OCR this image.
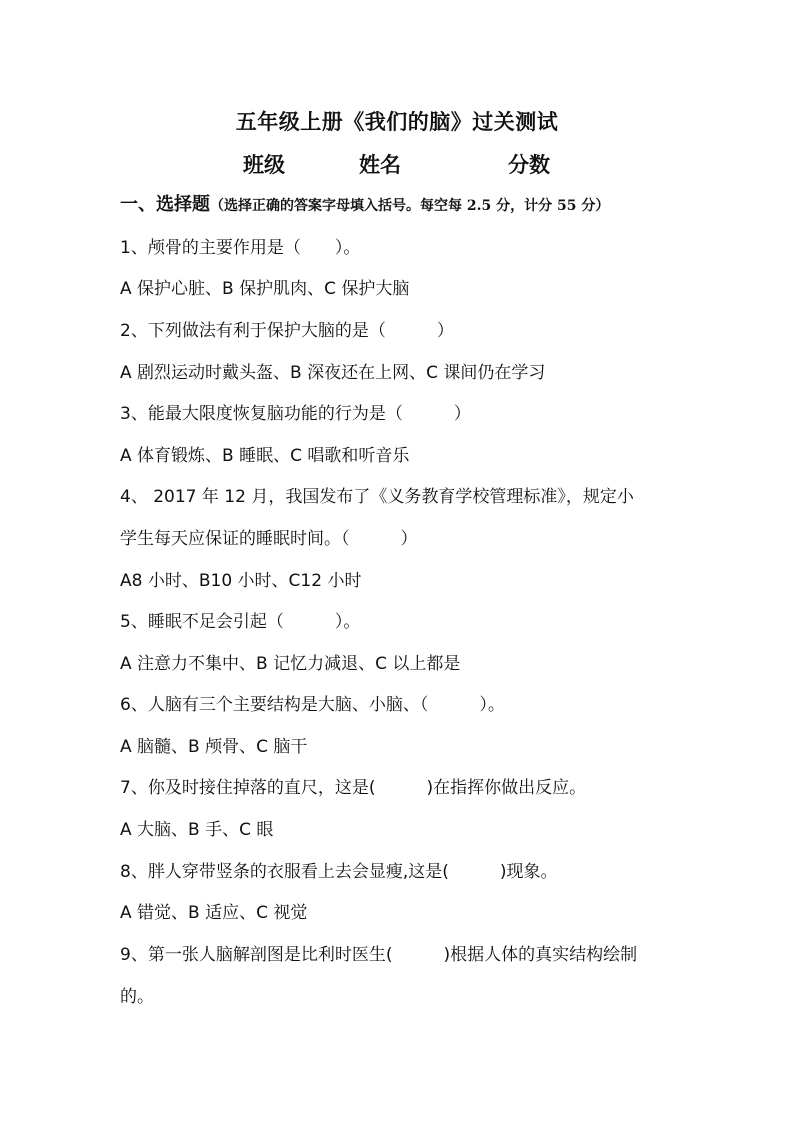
五年级上册《我们的脑》过关测试
班级	姓名	分数
一、选择题（选择正确的答案字母填入括号。每空每 2.5 分，计分 55 分）
1、颅骨的主要作用是（　　）。
A 保护心脏、B 保护肌肉、C 保护大脑
2、下列做法有利于保护大脑的是（　　　）
A 剧烈运动时戴头盔、B 深夜还在上网、C 课间仍在学习
3、能最大限度恢复脑功能的行为是（　　　）
A 体育锻炼、B 睡眠、C 唱歌和听音乐
4、 2017 年 12 月，我国发布了《义务教育学校管理标准》，规定小
学生每天应保证的睡眠时间。（　　　）
A8 小时、B10 小时、C12 小时
5、睡眠不足会引起（　　　）。
A 注意力不集中、B 记忆力减退、C 以上都是
6、人脑有三个主要结构是大脑、小脑、（　　　）。
A 脑髓、B 颅骨、C 脑干
7、你及时接住掉落的直尺，这是(　　　)在指挥你做出反应。
A 大脑、B 手、C 眼
8、胖人穿带竖条的衣服看上去会显瘦,这是(　　　)现象。
A 错觉、B 适应、C 视觉
9、第一张人脑解剖图是比利时医生(　　　)根据人体的真实结构绘制
的。
